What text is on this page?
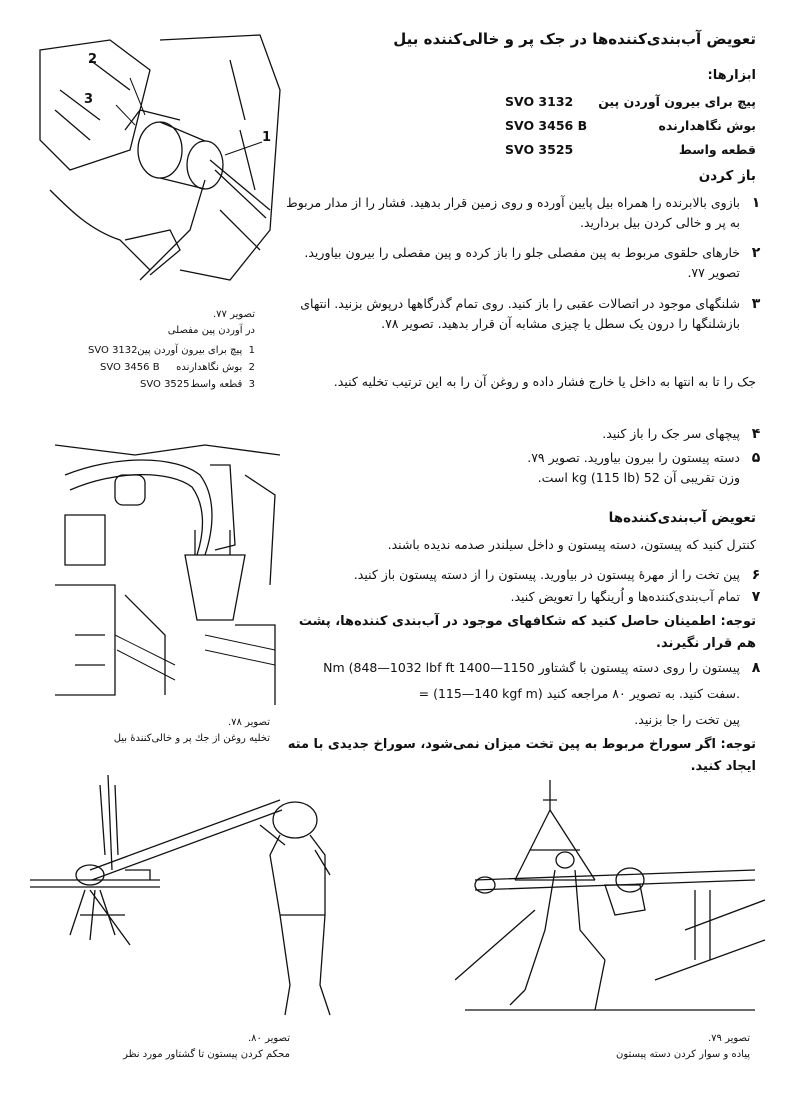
تعویض آب‌بندی‌کننده‌ها در جک پر و خالی‌کننده بیل
ابزارها:
پیچ برای بیرون آوردن پین
SVO 3132
بوش نگاهدارنده
SVO 3456 B
قطعه واسط
SVO 3525
باز کردن
۱
بازوی بالابرنده را همراه بیل پایین آورده و روی زمین قرار بدهید. فشار را از مدار مربوط به پر و خالی کردن بیل بردارید.
۲
خارهای حلقوی مربوط به پین مفصلی جلو را باز کرده و پین مفصلی را بیرون بیاورید. تصویر ۷۷.
۳
شلنگهای موجود در اتصالات عقبی را باز کنید. روی تمام گذرگاهها درپوش بزنید. انتهای بازشلنگها را درون یک سطل یا چیزی مشابه آن قرار بدهید. تصویر ۷۸.
جک را تا به انتها به داخل یا خارج فشار داده و روغن آن را به این ترتیب تخلیه کنید.
۴
پیچهای سر جک را باز کنید.
۵
دسته پیستون را بیرون بیاورید. تصویر ۷۹.
وزن تقریبی آن 52 kg (115 lb) است.
تعویض آب‌بندی‌کننده‌ها
کنترل کنید که پیستون، دسته پیستون و داخل سیلندر صدمه ندیده باشند.
۶
پین تخت را از مهرهٔ پیستون در بیاورید. پیستون را از دسته پیستون باز کنید.
۷
تمام آب‌بندی‌کننده‌ها و اُرینگها را تعویض کنید.
توجه: اطمینان حاصل کنید که شکافهای موجود در آب‌بندی کننده‌ها، پشت هم قرار نگیرند.
۸
پیستون را روی دسته پیستون با گشتاور 1150—1400 Nm (848—1032 lbf ft
= (115—140 kgf m) سفت کنید. به تصویر ۸۰ مراجعه کنید.
پین تخت را جا بزنید.
توجه: اگر سوراخ مربوط به پین تخت میزان نمی‌شود، سوراخ جدیدی با مته ایجاد کنید.
2
3
1
تصویر ۷۷.
در آوردن پین مفصلی
1  پیچ برای بیرون آوردن پین
SVO 3132
2  بوش نگاهدارنده
SVO 3456 B
3  قطعه واسط
SVO 3525
تصویر ۷۸.
تخلیه روغن از جك پر و خالی‌کنندهٔ بیل
تصویر ۸۰.
محکم کردن پیستون تا گشتاور مورد نظر
تصویر ۷۹.
پیاده و سوار کردن دسته پیستون
